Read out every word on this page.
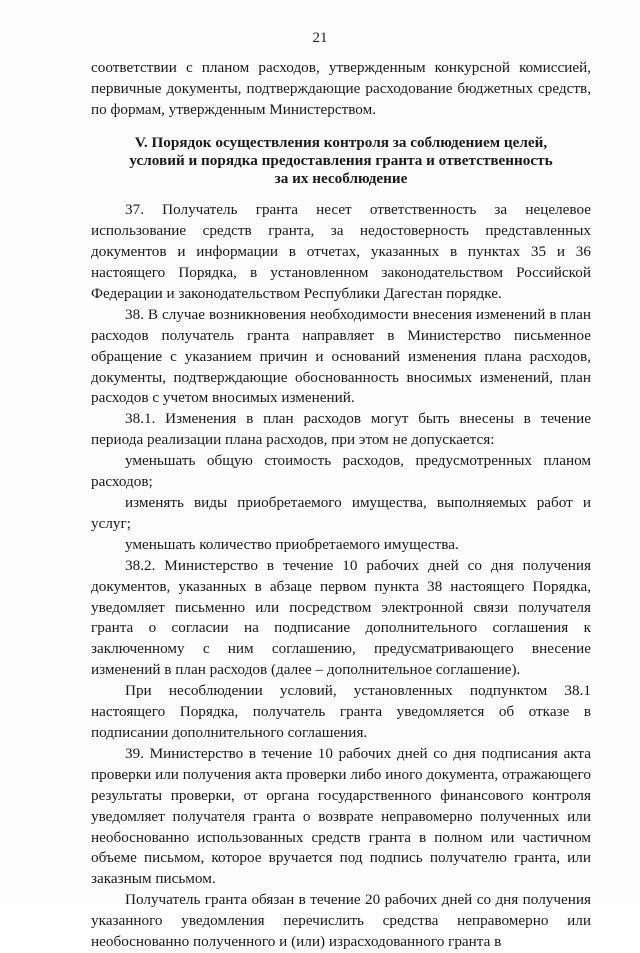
21

соответствии с планом расходов, утвержденным конкурсной комиссией, первичные документы, подтверждающие расходование бюджетных средств, по формам, утвержденным Министерством.

V. Порядок осуществления контроля за соблюдением целей,
условий и порядка предоставления гранта и ответственность
за их несоблюдение

37. Получатель гранта несет ответственность за нецелевое использование средств гранта, за недостоверность представленных документов и информации в отчетах, указанных в пунктах 35 и 36 настоящего Порядка, в установленном законодательством Российской Федерации и законодательством Республики Дагестан порядке.

38. В случае возникновения необходимости внесения изменений в план расходов получатель гранта направляет в Министерство письменное обращение с указанием причин и оснований изменения плана расходов, документы, подтверждающие обоснованность вносимых изменений, план расходов с учетом вносимых изменений.

38.1. Изменения в план расходов могут быть внесены в течение периода реализации плана расходов, при этом не допускается:

уменьшать общую стоимость расходов, предусмотренных планом расходов;

изменять виды приобретаемого имущества, выполняемых работ и услуг;

уменьшать количество приобретаемого имущества.

38.2. Министерство в течение 10 рабочих дней со дня получения документов, указанных в абзаце первом пункта 38 настоящего Порядка, уведомляет письменно или посредством электронной связи получателя гранта о согласии на подписание дополнительного соглашения к заключенному с ним соглашению, предусматривающего внесение изменений в план расходов (далее – дополнительное соглашение).

При несоблюдении условий, установленных подпунктом 38.1 настоящего Порядка, получатель гранта уведомляется об отказе в подписании дополнительного соглашения.

39. Министерство в течение 10 рабочих дней со дня подписания акта проверки или получения акта проверки либо иного документа, отражающего результаты проверки, от органа государственного финансового контроля уведомляет получателя гранта о возврате неправомерно полученных или необоснованно использованных средств гранта в полном или частичном объеме письмом, которое вручается под подпись получателю гранта, или заказным письмом.

Получатель гранта обязан в течение 20 рабочих дней со дня получения указанного уведомления перечислить средства неправомерно или необоснованно полученного и (или) израсходованного гранта в
